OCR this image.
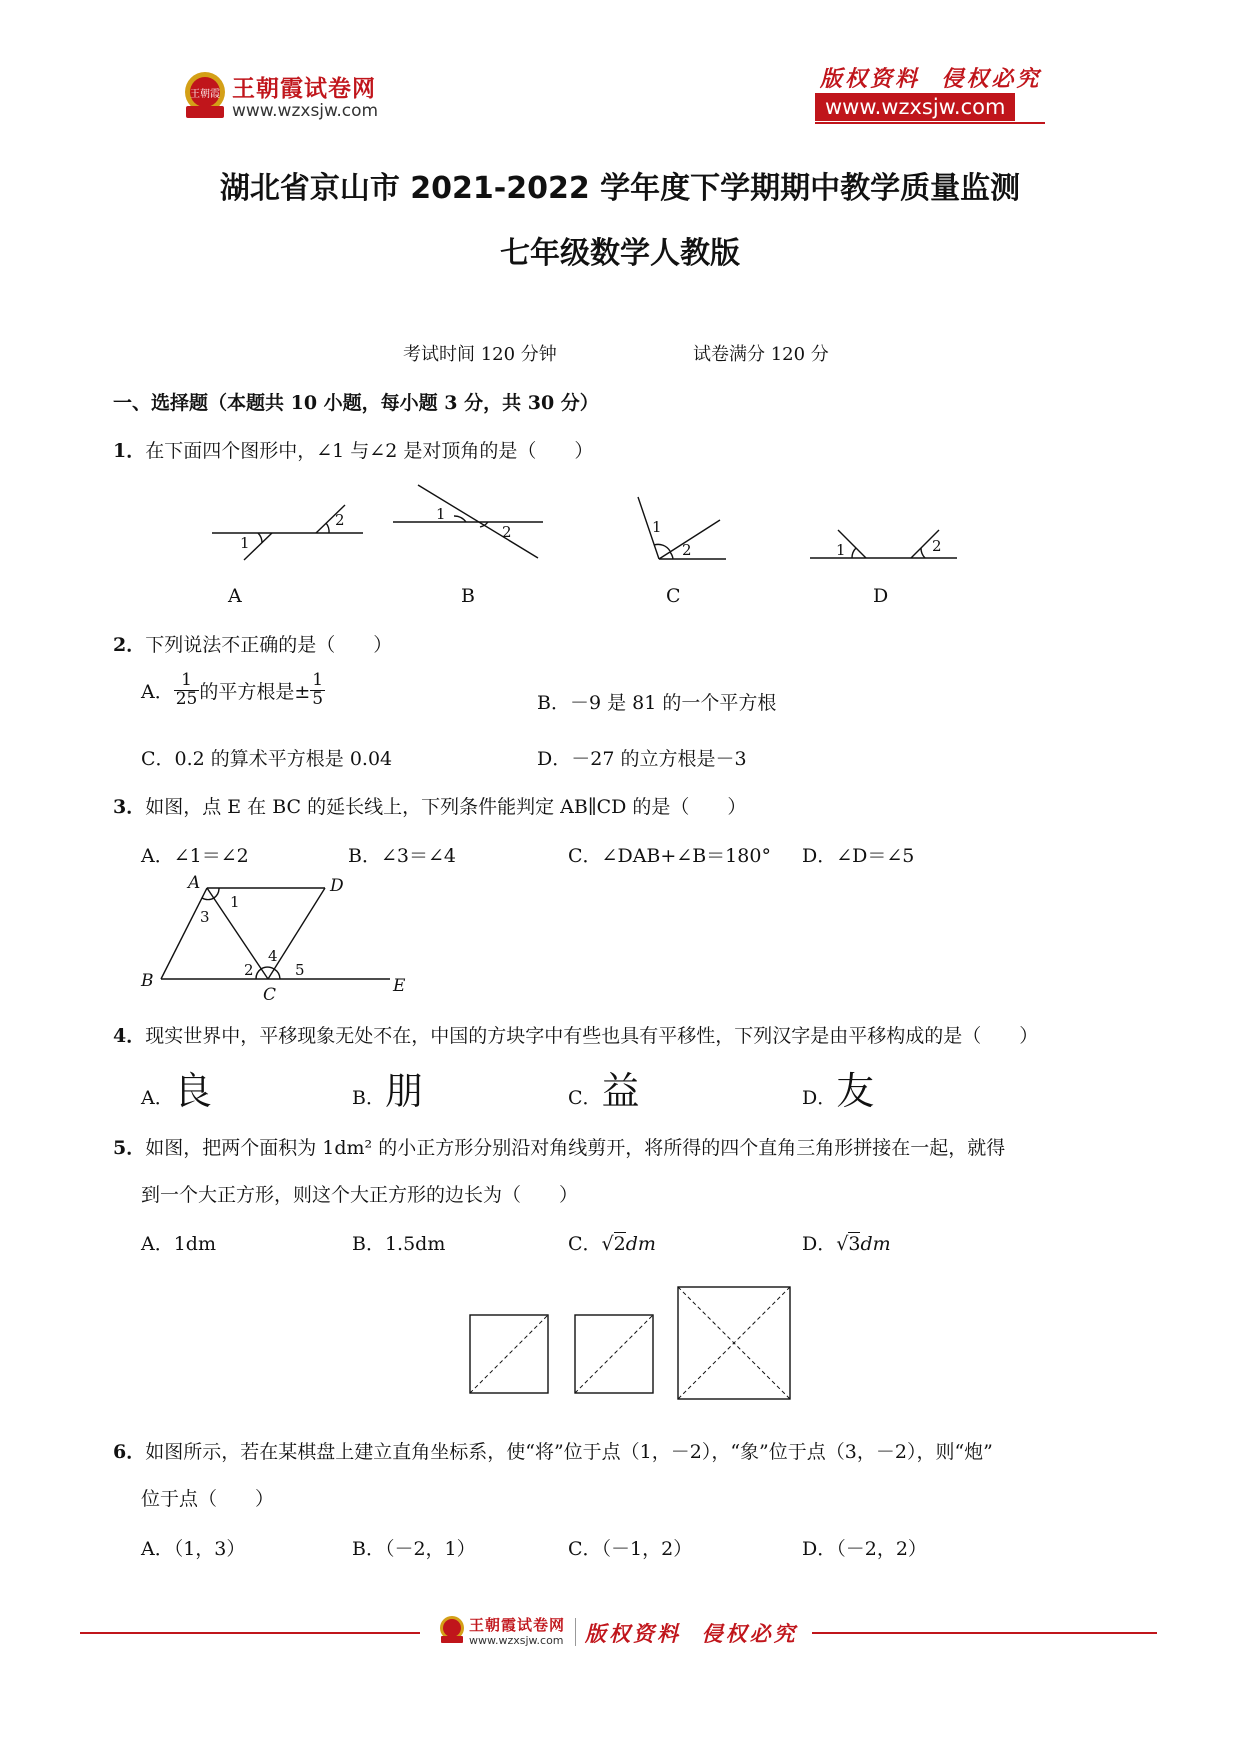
王朝霞 王朝霞试卷网
www.wzxsjw.com
版权资料  侵权必究
www.wzxsjw.com
湖北省京山市 2021-2022 学年度下学期期中教学质量监测
七年级数学人教版
考试时间 120 分钟	试卷满分 120 分
一、选择题（本题共 10 小题，每小题 3 分，共 30 分）
1．在下面四个图形中，∠1 与∠2 是对顶角的是（　　）
1
2	1
2	1
2	1	2
A	B	C	D
2．下列说法不正确的是（　　）
A． $\frac{1}{25}$ 的平方根是± $\frac{1}{5}$	B．－9 是 81 的一个平方根
C．0.2 的算术平方根是 0.04	D．－27 的立方根是－3
3．如图，点 E 在 BC 的延长线上，下列条件能判定 AB∥CD 的是（　　）
A．∠1＝∠2	B．∠3＝∠4	C．∠DAB+∠B＝180° D．∠D＝∠5
A	D
B
C	E
1
2
3
4
5
4．现实世界中，平移现象无处不在，中国的方块字中有些也具有平移性，下列汉字是由平移构成的是（　　）
A．良	B．朋	C．益	D．友
5．如图，把两个面积为 1dm² 的小正方形分别沿对角线剪开，将所得的四个直角三角形拼接在一起，就得
到一个大正方形，则这个大正方形的边长为（　　）
A．1dm	B．1.5dm	C．√2dm	D．√3dm
6．如图所示，若在某棋盘上建立直角坐标系，使“将”位于点（1，－2），“象”位于点（3，－2），则“炮”
位于点（　　）
A．（1，3）	B．（－2，1）	C．（－1，2）	D．（－2，2）
王朝霞试卷网
www.wzxsjw.com 版权资料  侵权必究
